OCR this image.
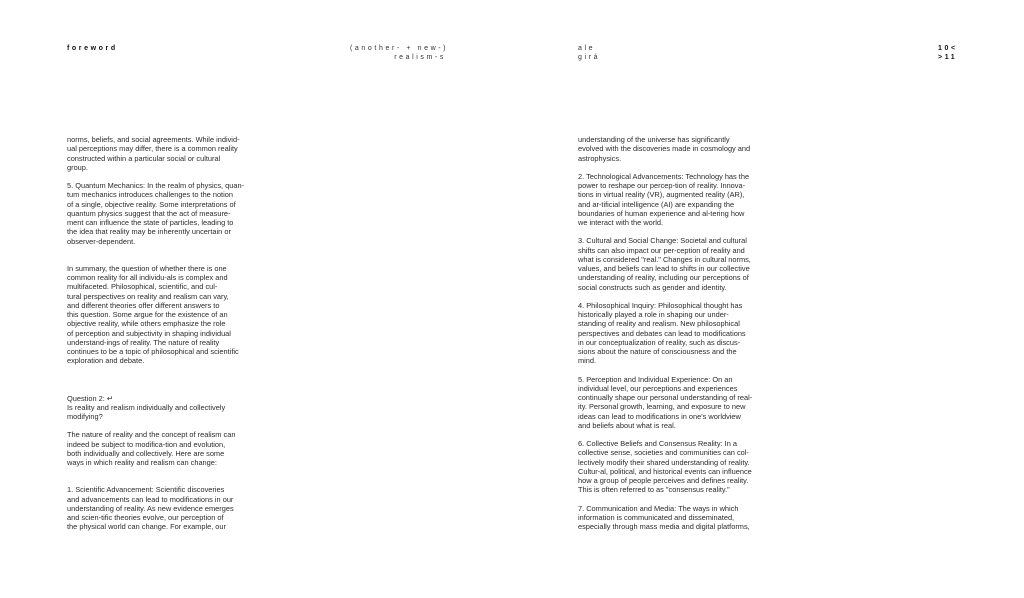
foreword	(another- + new-)
realism-s
ale
girá
10<
>11
norms, beliefs, and social agreements. While individ-
ual perceptions may differ, there is a common reality
constructed within a particular social or cultural
group.
5. Quantum Mechanics: In the realm of physics, quan-
tum mechanics introduces challenges to the notion
of a single, objective reality. Some interpretations of
quantum physics suggest that the act of measure-
ment can influence the state of particles, leading to
the idea that reality may be inherently uncertain or
observer-dependent.
In summary, the question of whether there is one
common reality for all individu-als is complex and
multifaceted. Philosophical, scientific, and cul-
tural perspectives on reality and realism can vary,
and different theories offer different answers to
this question. Some argue for the existence of an
objective reality, while others emphasize the role
of perception and subjectivity in shaping individual
understand-ings of reality. The nature of reality
continues to be a topic of philosophical and scientific
exploration and debate.
Question 2: ↵
Is reality and realism individually and collectively
modifying?
The nature of reality and the concept of realism can
indeed be subject to modifica-tion and evolution,
both individually and collectively. Here are some
ways in which reality and realism can change:
1. Scientific Advancement: Scientific discoveries
and advancements can lead to modifications in our
understanding of reality. As new evidence emerges
and scien-tific theories evolve, our perception of
the physical world can change. For example, our
understanding of the universe has significantly
evolved with the discoveries made in cosmology and
astrophysics.
2. Technological Advancements: Technology has the
power to reshape our percep-tion of reality. Innova-
tions in virtual reality (VR), augmented reality (AR),
and ar-tificial intelligence (AI) are expanding the
boundaries of human experience and al-tering how
we interact with the world.
3. Cultural and Social Change: Societal and cultural
shifts can also impact our per-ception of reality and
what is considered "real." Changes in cultural norms,
values, and beliefs can lead to shifts in our collective
understanding of reality, including our perceptions of
social constructs such as gender and identity.
4. Philosophical Inquiry: Philosophical thought has
historically played a role in shaping our under-
standing of reality and realism. New philosophical
perspectives and debates can lead to modifications
in our conceptualization of reality, such as discus-
sions about the nature of consciousness and the
mind.
5. Perception and Individual Experience: On an
individual level, our perceptions and experiences
continually shape our personal understanding of real-
ity. Personal growth, learning, and exposure to new
ideas can lead to modifications in one's worldview
and beliefs about what is real.
6. Collective Beliefs and Consensus Reality: In a
collective sense, societies and communities can col-
lectively modify their shared understanding of reality.
Cultur-al, political, and historical events can influence
how a group of people perceives and defines reality.
This is often referred to as "consensus reality."
7. Communication and Media: The ways in which
information is communicated and disseminated,
especially through mass media and digital platforms,
